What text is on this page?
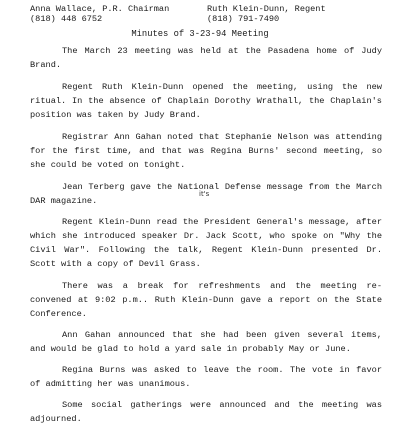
Anna Wallace, P.R. Chairman
(818) 448 6752
Ruth Klein-Dunn, Regent
(818) 791-7490
Minutes of 3-23-94 Meeting

The March 23 meeting was held at the Pasadena home of Judy Brand.

Regent Ruth Klein-Dunn opened the meeting, using the new ritual. In the absence of Chaplain Dorothy Wrathall, the Chaplain's position was taken by Judy Brand.

Registrar Ann Gahan noted that Stephanie Nelson was attending for the first time, and that was Regina Burns' second meeting, so she could be voted on tonight.

Jean Terberg gave the National Defense message from the March DAR magazine.

Regent Klein-Dunn read the President General's message, after which she introduced speaker Dr. Jack Scott, who spoke on "Why the Civil War". Following the talk, Regent Klein-Dunn presented Dr. Scott with a copy of Devil Grass.

There was a break for refreshments and the meeting re-convened at 9:02 p.m.. Ruth Klein-Dunn gave a report on the State Conference.

Ann Gahan announced that she had been given several items, and would be glad to hold a yard sale in probably May or June.

Regina Burns was asked to leave the room. The vote in favor of admitting her was unanimous.

Some social gatherings were announced and the meeting was adjourned.

it's
